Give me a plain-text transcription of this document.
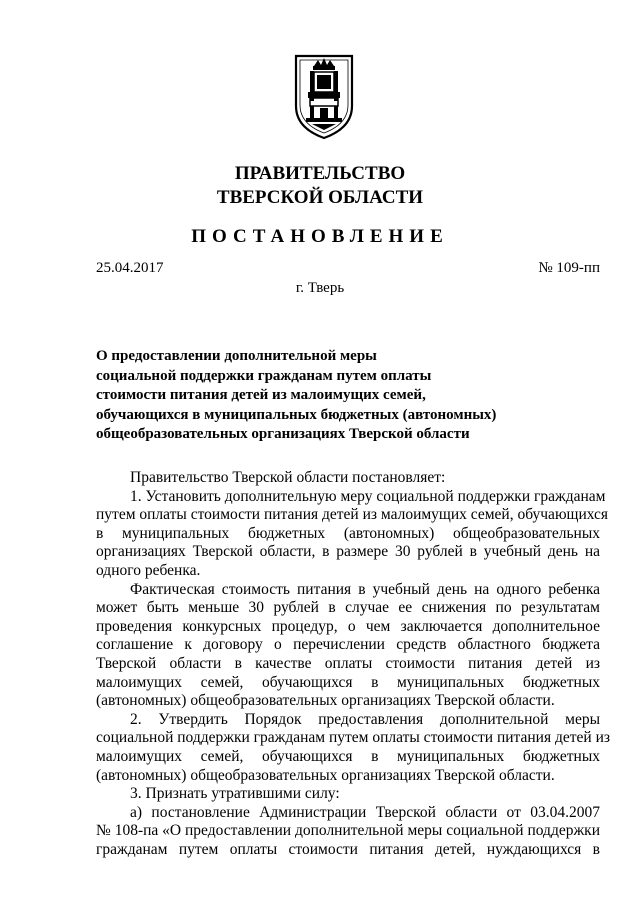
ПРАВИТЕЛЬСТВО
ТВЕРСКОЙ ОБЛАСТИ
ПОСТАНОВЛЕНИЕ
25.04.2017	№ 109-пп
г. Тверь
О предоставлении дополнительной меры
социальной поддержки гражданам путем оплаты
стоимости питания детей из малоимущих семей,
обучающихся в муниципальных бюджетных (автономных)
общеобразовательных организациях Тверской области
Правительство Тверской области постановляет:
1. Установить дополнительную меру социальной поддержки гражданам
путем оплаты стоимости питания детей из малоимущих семей, обучающихся
в муниципальных бюджетных (автономных) общеобразовательных
организациях Тверской области, в размере 30 рублей в учебный день на
одного ребенка.
Фактическая стоимость питания в учебный день на одного ребенка
может быть меньше 30 рублей в случае ее снижения по результатам
проведения конкурсных процедур, о чем заключается дополнительное
соглашение к договору о перечислении средств областного бюджета
Тверской области в качестве оплаты стоимости питания детей из
малоимущих семей, обучающихся в муниципальных бюджетных
(автономных) общеобразовательных организациях Тверской области.
2. Утвердить Порядок предоставления дополнительной меры
социальной поддержки гражданам путем оплаты стоимости питания детей из
малоимущих семей, обучающихся в муниципальных бюджетных
(автономных) общеобразовательных организациях Тверской области.
3. Признать утратившими силу:
а) постановление Администрации Тверской области от 03.04.2007
№ 108-па «О предоставлении дополнительной меры социальной поддержки
гражданам путем оплаты стоимости питания детей, нуждающихся в
